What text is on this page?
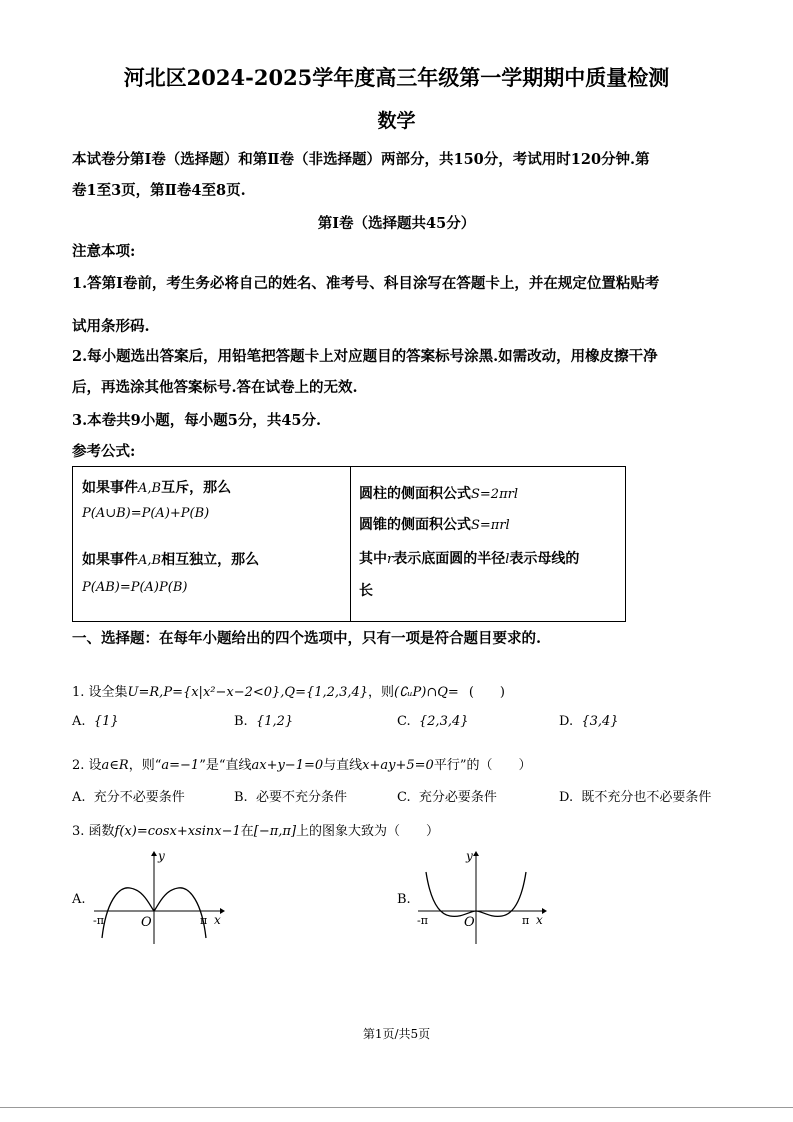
河北区2024-2025学年度高三年级第一学期期中质量检测
数学
本试卷分第Ⅰ卷（选择题）和第Ⅱ卷（非选择题）两部分，共150分，考试用时120分钟.第
卷1至3页，第Ⅱ卷4至8页.
第Ⅰ卷（选择题共45分）
注意本项:
1.答第Ⅰ卷前，考生务必将自己的姓名、准考号、科目涂写在答题卡上，并在规定位置粘贴考
试用条形码.
2.每小题选出答案后，用铅笔把答题卡上对应题目的答案标号涂黑.如需改动，用橡皮擦干净
后，再选涂其他答案标号.答在试卷上的无效.
3.本卷共9小题，每小题5分，共45分.
参考公式:
如果事件A,B互斥，那么
P(A∪B)=P(A)+P(B)
如果事件A,B相互独立，那么
P(AB)=P(A)P(B)
圆柱的侧面积公式S=2πrl
圆锥的侧面积公式S=πrl
其中r表示底面圆的半径l表示母线的
长
一、选择题：在每年小题给出的四个选项中，只有一项是符合题目要求的.
1. 设全集U=R,P={x|x²−x−2<0},Q={1,2,3,4}，则(∁ᵤP)∩Q= (　　)
A. {1}	B. {1,2}	C. {2,3,4}	D. {3,4}
2. 设a∈R，则“a=−1”是“直线ax+y−1=0与直线x+ay+5=0平行”的（　　）
A. 充分不必要条件	B. 必要不充分条件	C. 充分必要条件	D. 既不充分也不必要条件
3. 函数f(x)=cosx+xsinx−1在[−π,π]上的图象大致为（　　）
A.
y
-π	O	π x
B.
y
-π	O	π x
第1页/共5页
